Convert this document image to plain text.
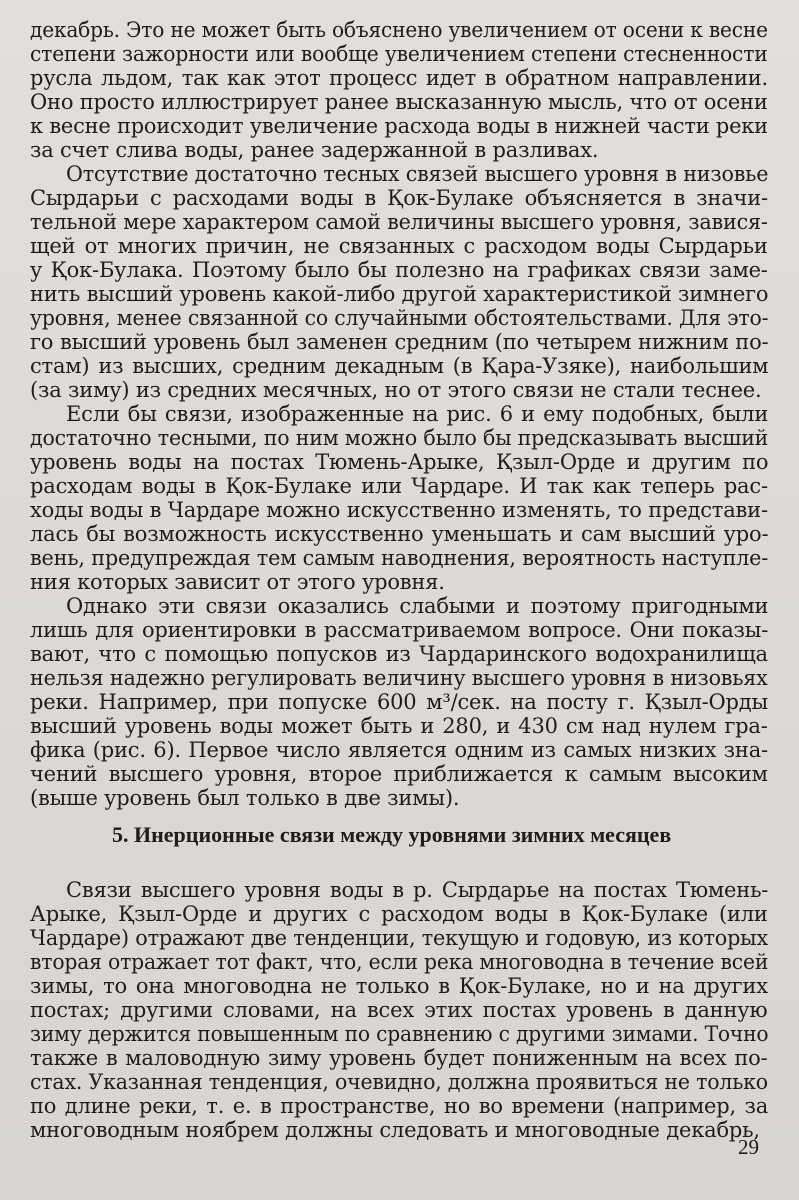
декабрь. Это не может быть объяснено увеличением от осени к весне
степени зажорности или вообще увеличением степени стесненности
русла льдом, так как этот процесс идет в обратном направлении.
Оно просто иллюстрирует ранее высказанную мысль, что от осени
к весне происходит увеличение расхода воды в нижней части реки
за счет слива воды, ранее задержанной в разливах.
Отсутствие достаточно тесных связей высшего уровня в низовье
Сырдарьи с расходами воды в Қок-Булаке объясняется в значи-
тельной мере характером самой величины высшего уровня, завися-
щей от многих причин, не связанных с расходом воды Сырдарьи
у Қок-Булака. Поэтому было бы полезно на графиках связи заме-
нить высший уровень какой-либо другой характеристикой зимнего
уровня, менее связанной со случайными обстоятельствами. Для это-
го высший уровень был заменен средним (по четырем нижним по-
стам) из высших, средним декадным (в Қара-Узяке), наибольшим
(за зиму) из средних месячных, но от этого связи не стали теснее.
Если бы связи, изображенные на рис. 6 и ему подобных, были
достаточно тесными, по ним можно было бы предсказывать высший
уровень воды на постах Тюмень-Арыке, Қзыл-Орде и другим по
расходам воды в Қок-Булаке или Чардаре. И так как теперь рас-
ходы воды в Чардаре можно искусственно изменять, то представи-
лась бы возможность искусственно уменьшать и сам высший уро-
вень, предупреждая тем самым наводнения, вероятность наступле-
ния которых зависит от этого уровня.
Однако эти связи оказались слабыми и поэтому пригодными
лишь для ориентировки в рассматриваемом вопросе. Они показы-
вают, что с помощью попусков из Чардаринского водохранилища
нельзя надежно регулировать величину высшего уровня в низовьях
реки. Например, при попуске 600 м³/сек. на посту г. Қзыл-Орды
высший уровень воды может быть и 280, и 430 см над нулем гра-
фика (рис. 6). Первое число является одним из самых низких зна-
чений высшего уровня, второе приближается к самым высоким
(выше уровень был только в две зимы).
5. Инерционные связи между уровнями зимних месяцев
Связи высшего уровня воды в р. Сырдарье на постах Тюмень-
Арыке, Қзыл-Орде и других с расходом воды в Қок-Булаке (или
Чардаре) отражают две тенденции, текущую и годовую, из которых
вторая отражает тот факт, что, если река многоводна в течение всей
зимы, то она многоводна не только в Қок-Булаке, но и на других
постах; другими словами, на всех этих постах уровень в данную
зиму держится повышенным по сравнению с другими зимами. Точно
также в маловодную зиму уровень будет пониженным на всех по-
стах. Указанная тенденция, очевидно, должна проявиться не только
по длине реки, т. е. в пространстве, но во времени (например, за
многоводным ноябрем должны следовать и многоводные декабрь,
29
